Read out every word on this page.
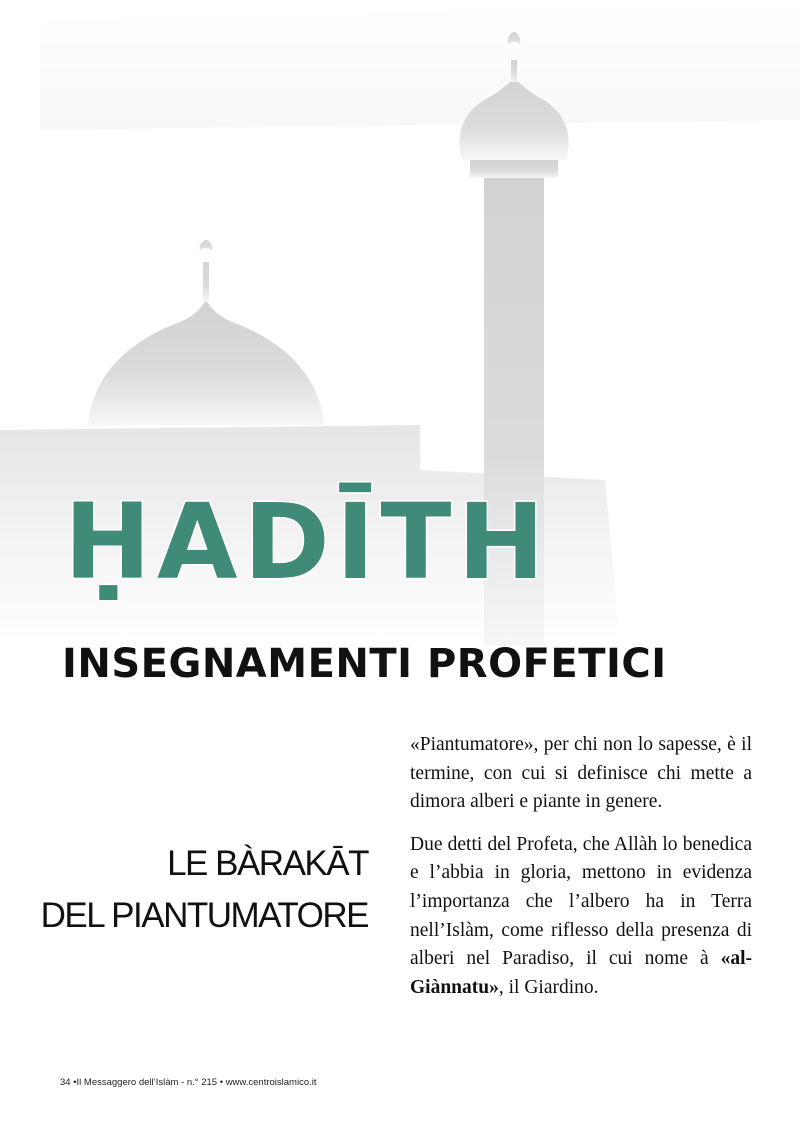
ḤADĪTH
INSEGNAMENTI PROFETICI
LE BÀRAKĀT
DEL PIANTUMATORE

«Piantumatore», per chi non lo sapesse, è il termine, con cui si definisce chi mette a dimora alberi e piante in genere.

Due detti del Profeta, che Allàh lo benedica e l’abbia in gloria, mettono in evidenza l’importanza che l’albero ha in Terra nell’Islàm, come riflesso della presenza di alberi nel Paradiso, il cui nome à «al-Giànnatu», il Giardino.

34 •Il Messaggero dell’Islàm - n.° 215 • www.centroislamico.it
